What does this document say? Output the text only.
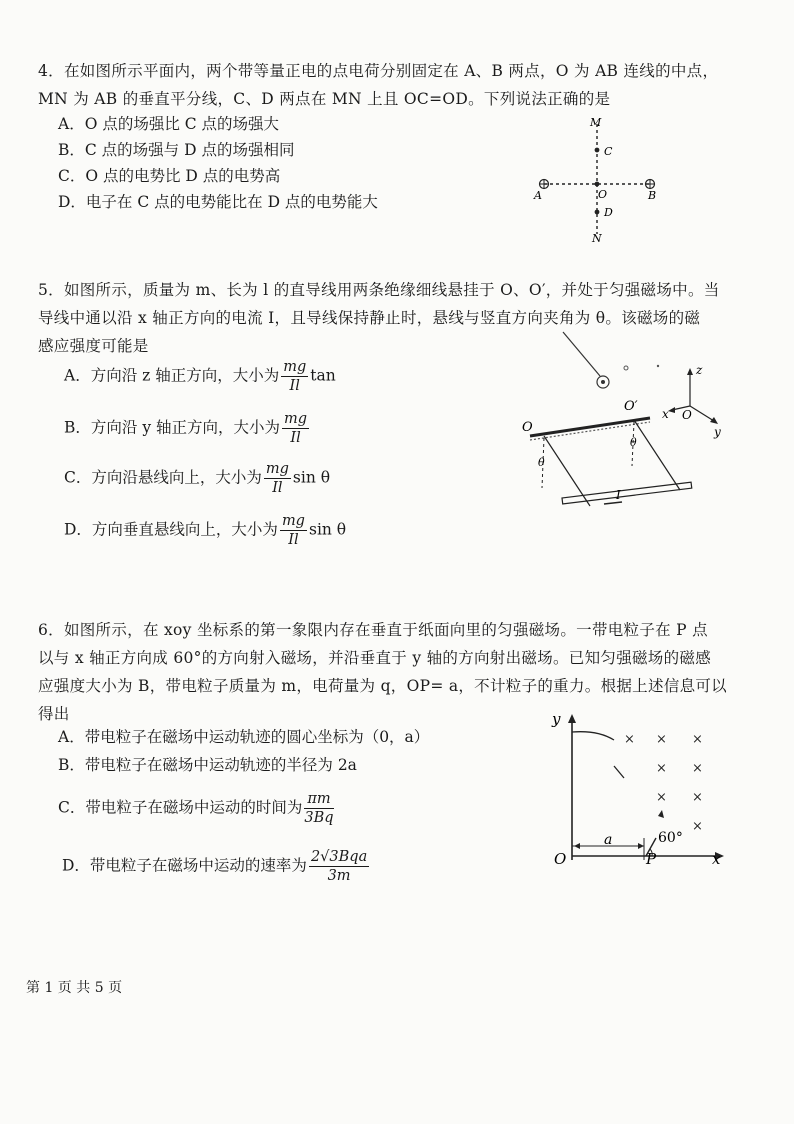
4．在如图所示平面内，两个带等量正电的点电荷分别固定在 A、B 两点，O 为 AB 连线的中点，
MN 为 AB 的垂直平分线，C、D 两点在 MN 上且 OC=OD。下列说法正确的是
A．O 点的场强比 C 点的场强大
B．C 点的场强与 D 点的场强相同
C．O 点的电势比 D 点的电势高
D．电子在 C 点的电势能比在 D 点的电势能大
M
C
A	O	B
D
N
5．如图所示，质量为 m、长为 l 的直导线用两条绝缘细线悬挂于 O、O′，并处于匀强磁场中。当
导线中通以沿 x 轴正方向的电流 I，且导线保持静止时，悬线与竖直方向夹角为 θ。该磁场的磁
感应强度可能是
A．方向沿 z 轴正方向，大小为 $\frac{mg}{Il}$ tan
B．方向沿 y 轴正方向，大小为 $\frac{mg}{Il}$
C．方向沿悬线向上，大小为 $\frac{mg}{Il}$ sin θ
D．方向垂直悬线向上，大小为 $\frac{mg}{Il}$ sin θ
O
O′
θ
θ
I
z
x O
y
6．如图所示，在 xoy 坐标系的第一象限内存在垂直于纸面向里的匀强磁场。一带电粒子在 P 点
以与 x 轴正方向成 60°的方向射入磁场，并沿垂直于 y 轴的方向射出磁场。已知匀强磁场的磁感
应强度大小为 B，带电粒子质量为 m，电荷量为 q，OP= a，不计粒子的重力。根据上述信息可以
得出
A．带电粒子在磁场中运动轨迹的圆心坐标为（0，a）
B．带电粒子在磁场中运动轨迹的半径为 2a
C．带电粒子在磁场中运动的时间为 $\frac{\pi m}{3Bq}$
D．带电粒子在磁场中运动的速率为 $\frac{\text{2√3Bqa}}{3m}$
y
x
O
a
P
60°
× × ×
× ×
× ×
×
第 1 页 共 5 页
